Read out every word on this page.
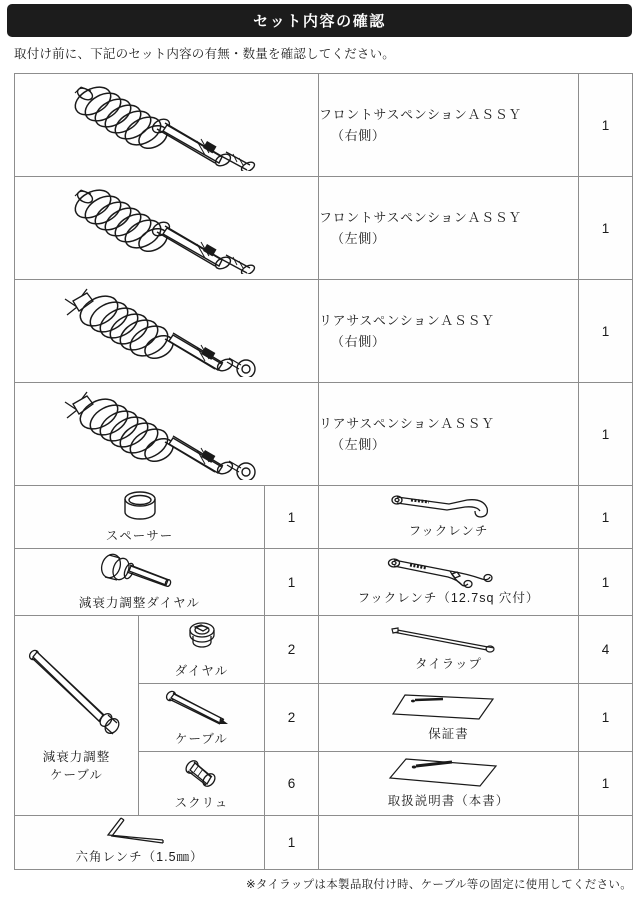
セット内容の確認
取付け前に、下記のセット内容の有無・数量を確認してください。
	フロントサスペンションＡＳＳＹ
（右側）	1

	フロントサスペンションＡＳＳＹ
（左側）	1

	リアサスペンションＡＳＳＹ
（右側）	1

	リアサスペンションＡＳＳＹ
（左側）	1

スペーサー		1	フックレンチ	1

減衰力調整ダイヤル		1	フックレンチ（12.7sq 穴付）	1

減衰力調整
ケーブル	ダイヤル	2	タイラップ	4

	ケーブル	2	保証書	1

	スクリュ	6	取扱説明書（本書）	1

六角レンチ（1.5㎜）		1		
※タイラップは本製品取付け時、ケーブル等の固定に使用してください。
